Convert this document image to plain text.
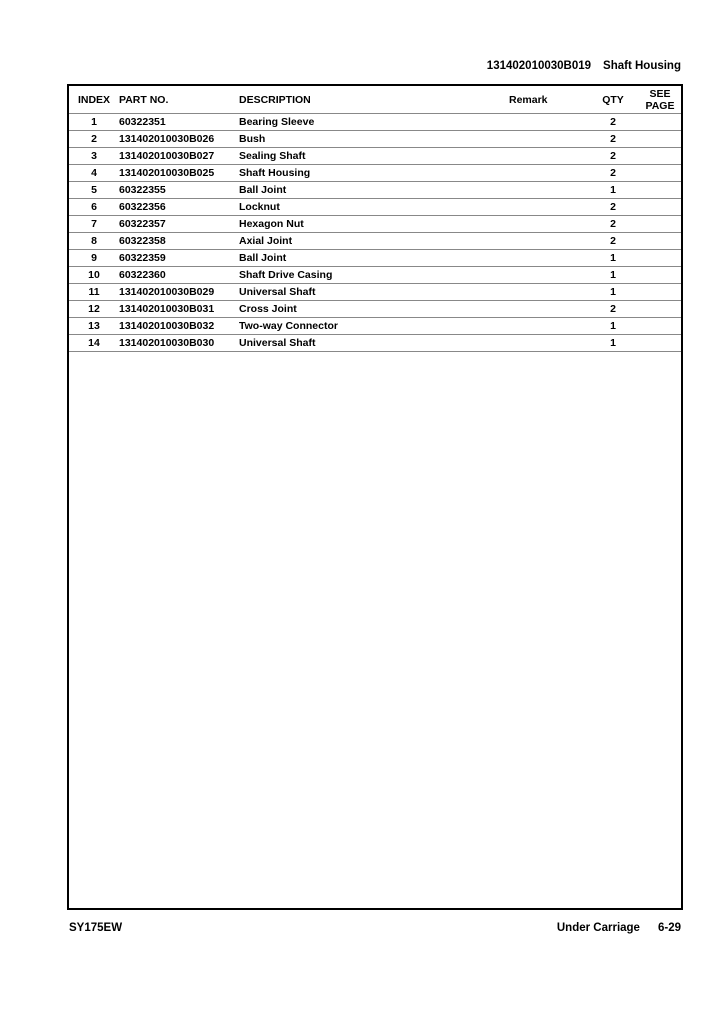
131402010030B019 Shaft Housing
INDEX	PART NO.	DESCRIPTION	Remark	QTY	SEE
PAGE

1	60322351	Bearing Sleeve		2	
2	131402010030B026	Bush		2	
3	131402010030B027	Sealing Shaft		2	
4	131402010030B025	Shaft Housing		2	
5	60322355	Ball Joint		1	
6	60322356	Locknut		2	
7	60322357	Hexagon Nut		2	
8	60322358	Axial Joint		2	
9	60322359	Ball Joint		1	
10	60322360	Shaft Drive Casing		1	
11	131402010030B029	Universal Shaft		1	
12	131402010030B031	Cross Joint		2	
13	131402010030B032	Two-way Connector		1	
14	131402010030B030	Universal Shaft		1	
SY175EW	Under Carriage 6-29
